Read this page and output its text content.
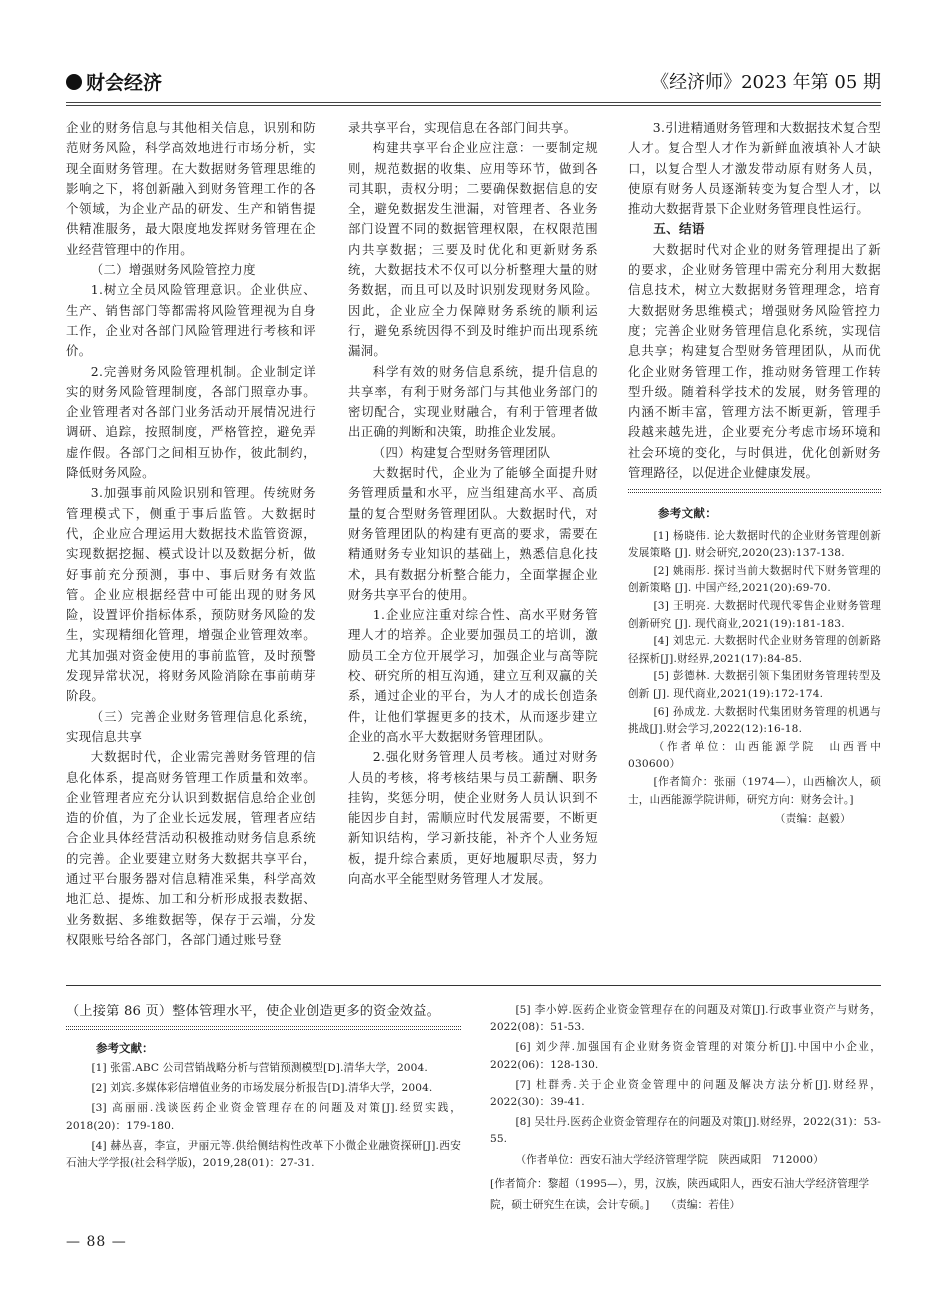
财会经济	《经济师》2023 年第 05 期

企业的财务信息与其他相关信息，识别和防范财务风险，科学高效地进行市场分析，实现全面财务管理。在大数据财务管理思维的影响之下，将创新融入到财务管理工作的各个领域，为企业产品的研发、生产和销售提供精准服务，最大限度地发挥财务管理在企业经营管理中的作用。

（二）增强财务风险管控力度

1.树立全员风险管理意识。企业供应、生产、销售部门等都需将风险管理视为自身工作，企业对各部门风险管理进行考核和评价。

2.完善财务风险管理机制。企业制定详实的财务风险管理制度，各部门照章办事。企业管理者对各部门业务活动开展情况进行调研、追踪，按照制度，严格管控，避免弄虚作假。各部门之间相互协作，彼此制约，降低财务风险。

3.加强事前风险识别和管理。传统财务管理模式下，侧重于事后监管。大数据时代，企业应合理运用大数据技术监管资源，实现数据挖掘、模式设计以及数据分析，做好事前充分预测，事中、事后财务有效监管。企业应根据经营中可能出现的财务风险，设置评价指标体系，预防财务风险的发生，实现精细化管理，增强企业管理效率。尤其加强对资金使用的事前监管，及时预警发现异常状况，将财务风险消除在事前萌芽阶段。

（三）完善企业财务管理信息化系统，实现信息共享

大数据时代，企业需完善财务管理的信息化体系，提高财务管理工作质量和效率。企业管理者应充分认识到数据信息给企业创造的价值，为了企业长远发展，管理者应结合企业具体经营活动积极推动财务信息系统的完善。企业要建立财务大数据共享平台，通过平台服务器对信息精准采集，科学高效地汇总、提炼、加工和分析形成报表数据、业务数据、多维数据等，保存于云端，分发权限账号给各部门，各部门通过账号登

录共享平台，实现信息在各部门间共享。

构建共享平台企业应注意：一要制定规则，规范数据的收集、应用等环节，做到各司其职，责权分明；二要确保数据信息的安全，避免数据发生泄漏，对管理者、各业务部门设置不同的数据管理权限，在权限范围内共享数据；三要及时优化和更新财务系统，大数据技术不仅可以分析整理大量的财务数据，而且可以及时识别发现财务风险。因此，企业应全力保障财务系统的顺利运行，避免系统因得不到及时维护而出现系统漏洞。

科学有效的财务信息系统，提升信息的共享率，有利于财务部门与其他业务部门的密切配合，实现业财融合，有利于管理者做出正确的判断和决策，助推企业发展。

（四）构建复合型财务管理团队

大数据时代，企业为了能够全面提升财务管理质量和水平，应当组建高水平、高质量的复合型财务管理团队。大数据时代，对财务管理团队的构建有更高的要求，需要在精通财务专业知识的基础上，熟悉信息化技术，具有数据分析整合能力，全面掌握企业财务共享平台的使用。

1.企业应注重对综合性、高水平财务管理人才的培养。企业要加强员工的培训，激励员工全方位开展学习，加强企业与高等院校、研究所的相互沟通，建立互利双赢的关系，通过企业的平台，为人才的成长创造条件，让他们掌握更多的技术，从而逐步建立企业的高水平大数据财务管理团队。

2.强化财务管理人员考核。通过对财务人员的考核，将考核结果与员工薪酬、职务挂钩，奖惩分明，使企业财务人员认识到不能因步自封，需顺应时代发展需要，不断更新知识结构，学习新技能，补齐个人业务短板，提升综合素质，更好地履职尽责，努力向高水平全能型财务管理人才发展。

3.引进精通财务管理和大数据技术复合型人才。复合型人才作为新鲜血液填补人才缺口，以复合型人才激发带动原有财务人员，使原有财务人员逐渐转变为复合型人才，以推动大数据背景下企业财务管理良性运行。

五、结语

大数据时代对企业的财务管理提出了新的要求，企业财务管理中需充分利用大数据信息技术，树立大数据财务管理理念，培育大数据财务思维模式；增强财务风险管控力度；完善企业财务管理信息化系统，实现信息共享；构建复合型财务管理团队，从而优化企业财务管理工作，推动财务管理工作转型升级。随着科学技术的发展，财务管理的内涵不断丰富，管理方法不断更新，管理手段越来越先进，企业要充分考虑市场环境和社会环境的变化，与时俱进，优化创新财务管理路径，以促进企业健康发展。

参考文献：

[1] 杨晓伟. 论大数据时代的企业财务管理创新发展策略 [J]. 财会研究,2020(23):137-138.

[2] 姚雨彤. 探讨当前大数据时代下财务管理的创新策略 [J]. 中国产经,2021(20):69-70.

[3] 王明亮. 大数据时代现代零售企业财务管理创新研究 [J]. 现代商业,2021(19):181-183.

[4] 刘忠元. 大数据时代企业财务管理的创新路径探析[J].财经界,2021(17):84-85.

[5] 彭德林. 大数据引领下集团财务管理转型及创新 [J]. 现代商业,2021(19):172-174.

[6] 孙成龙. 大数据时代集团财务管理的机遇与挑战[J].财会学习,2022(12):16-18.

（作者单位：山西能源学院　山西晋中 030600）

[作者简介：张丽（1974—），山西榆次人，硕士，山西能源学院讲师，研究方向：财务会计。]

（责编：赵毅）

（上接第 86 页）整体管理水平，使企业创造更多的资金效益。

参考文献：

[1] 张雷.ABC 公司营销战略分析与营销预测模型[D].清华大学，2004.

[2] 刘宾.多媒体彩信增值业务的市场发展分析报告[D].清华大学，2004.

[3] 高丽丽.浅谈医药企业资金管理存在的问题及对策[J].经贸实践，2018(20)：179-180.

[4] 赫丛喜，李宣，尹丽元等.供给侧结构性改革下小微企业融资探研[J].西安石油大学学报(社会科学版)，2019,28(01)：27-31.

[5] 李小婷.医药企业资金管理存在的问题及对策[J].行政事业资产与财务，2022(08)：51-53.

[6] 刘少萍.加强国有企业财务资金管理的对策分析[J].中国中小企业，2022(06)：128-130.

[7] 杜群秀.关于企业资金管理中的问题及解决方法分析[J].财经界，2022(30)：39-41.

[8] 吴壮丹.医药企业资金管理存在的问题及对策[J].财经界，2022(31)：53-55.

（作者单位：西安石油大学经济管理学院　陕西咸阳　712000）

[作者简介：黎超（1995—），男，汉族，陕西咸阳人，西安石油大学经济管理学院，硕士研究生在读，会计专硕。]　　 （责编：若佳）

— 88 —
